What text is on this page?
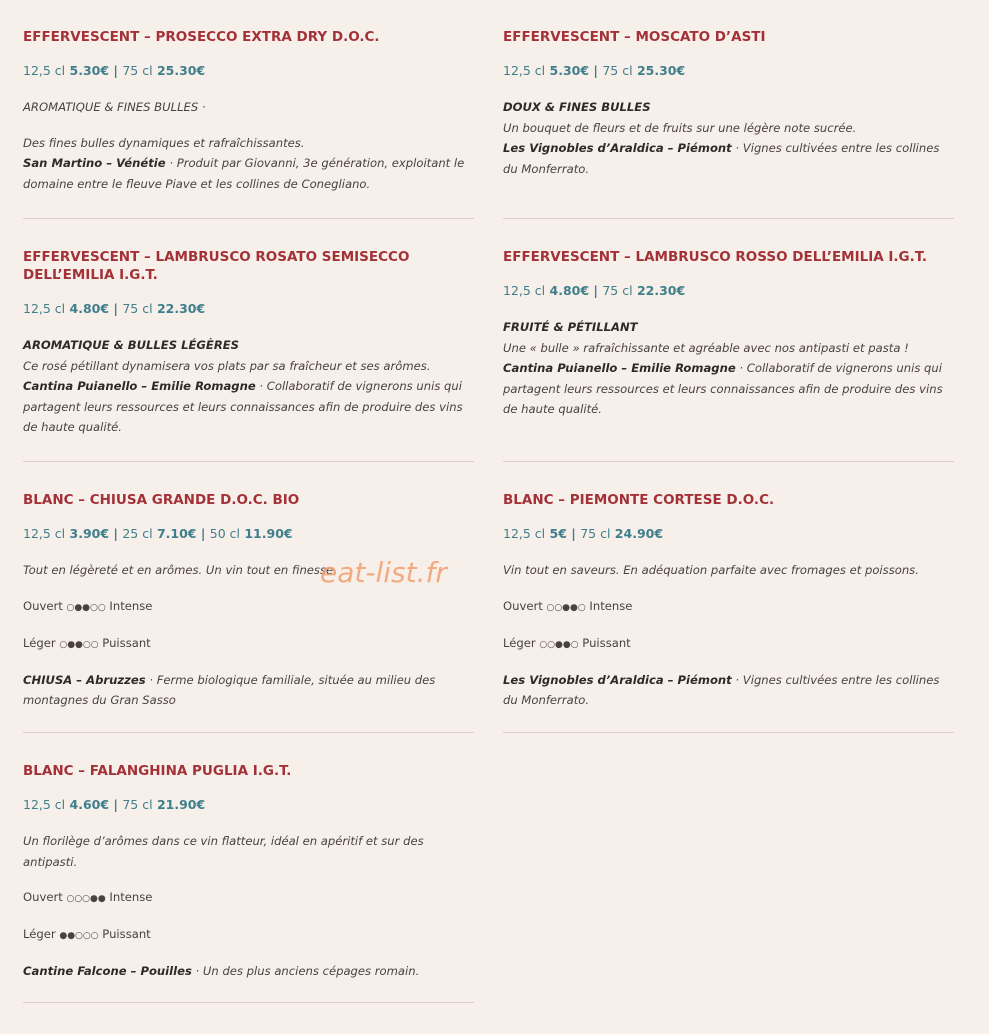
EFFERVESCENT – PROSECCO EXTRA DRY D.O.C.
12,5 cl 5.30€ | 75 cl 25.30€
AROMATIQUE & FINES BULLES ·
Des fines bulles dynamiques et rafraîchissantes.
San Martino – Vénétie · Produit par Giovanni, 3e génération, exploitant le domaine entre le fleuve Piave et les collines de Conegliano.
EFFERVESCENT – MOSCATO D’ASTI
12,5 cl 5.30€ | 75 cl 25.30€
DOUX & FINES BULLES
Un bouquet de fleurs et de fruits sur une légère note sucrée.
Les Vignobles d’Araldica – Piémont · Vignes cultivées entre les collines du Monferrato.
EFFERVESCENT – LAMBRUSCO ROSATO SEMISECCO DELL’EMILIA I.G.T.
12,5 cl 4.80€ | 75 cl 22.30€
AROMATIQUE & BULLES LÉGÈRES
Ce rosé pétillant dynamisera vos plats par sa fraîcheur et ses arômes.
Cantina Puianello – Emilie Romagne · Collaboratif de vignerons unis qui partagent leurs ressources et leurs connaissances afin de produire des vins de haute qualité.
EFFERVESCENT – LAMBRUSCO ROSSO DELL’EMILIA I.G.T.
12,5 cl 4.80€ | 75 cl 22.30€
FRUITÉ & PÉTILLANT
Une « bulle » rafraîchissante et agréable avec nos antipasti et pasta !
Cantina Puianello – Emilie Romagne · Collaboratif de vignerons unis qui partagent leurs ressources et leurs connaissances afin de produire des vins de haute qualité.
BLANC – CHIUSA GRANDE D.O.C. BIO
12,5 cl 3.90€ | 25 cl 7.10€ | 50 cl 11.90€
Tout en légèreté et en arômes. Un vin tout en finesse.
Ouvert ○●●○○ Intense
Léger ○●●○○ Puissant
CHIUSA – Abruzzes · Ferme biologique familiale, située au milieu des montagnes du Gran Sasso
BLANC – PIEMONTE CORTESE D.O.C.
12,5 cl 5€ | 75 cl 24.90€
Vin tout en saveurs. En adéquation parfaite avec fromages et poissons.
Ouvert ○○●●○ Intense
Léger ○○●●○ Puissant
Les Vignobles d’Araldica – Piémont · Vignes cultivées entre les collines du Monferrato.
BLANC – FALANGHINA PUGLIA I.G.T.
12,5 cl 4.60€ | 75 cl 21.90€
Un florilège d’arômes dans ce vin flatteur, idéal en apéritif et sur des antipasti.
Ouvert ○○○●● Intense
Léger ●●○○○ Puissant
Cantine Falcone – Pouilles · Un des plus anciens cépages romain.
eat-list.fr
